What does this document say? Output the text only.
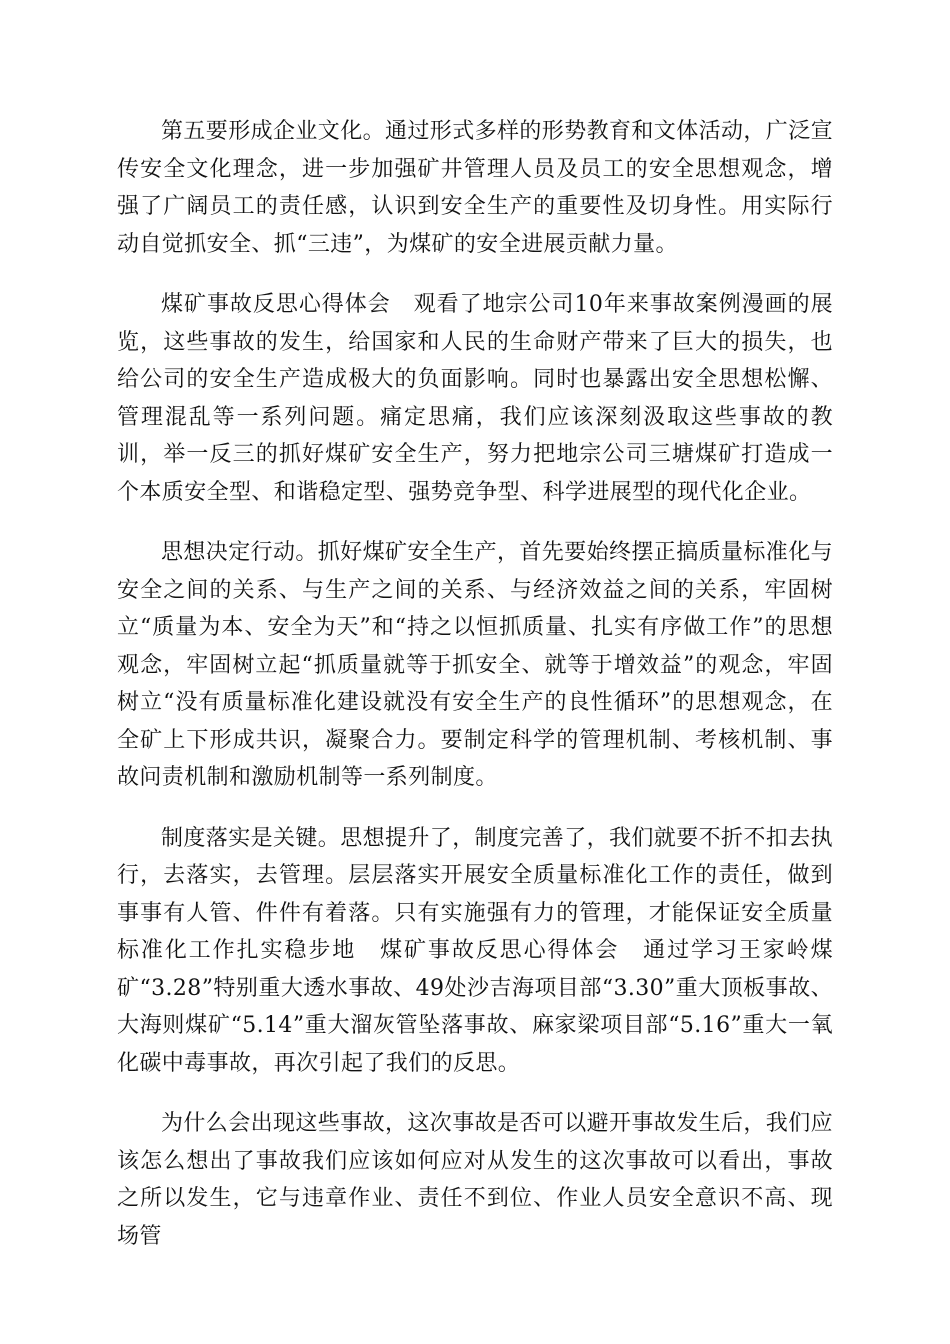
第五要形成企业文化。通过形式多样的形势教育和文体活动，广泛宣传安全文化理念，进一步加强矿井管理人员及员工的安全思想观念，增强了广阔员工的责任感，认识到安全生产的重要性及切身性。用实际行动自觉抓安全、抓“三违”，为煤矿的安全进展贡献力量。

煤矿事故反思心得体会　观看了地宗公司10年来事故案例漫画的展览，这些事故的发生，给国家和人民的生命财产带来了巨大的损失，也给公司的安全生产造成极大的负面影响。同时也暴露出安全思想松懈、管理混乱等一系列问题。痛定思痛，我们应该深刻汲取这些事故的教训，举一反三的抓好煤矿安全生产，努力把地宗公司三塘煤矿打造成一个本质安全型、和谐稳定型、强势竞争型、科学进展型的现代化企业。

思想决定行动。抓好煤矿安全生产，首先要始终摆正搞质量标准化与安全之间的关系、与生产之间的关系、与经济效益之间的关系，牢固树立“质量为本、安全为天”和“持之以恒抓质量、扎实有序做工作”的思想观念，牢固树立起“抓质量就等于抓安全、就等于增效益”的观念，牢固树立“没有质量标准化建设就没有安全生产的良性循环”的思想观念，在全矿上下形成共识，凝聚合力。要制定科学的管理机制、考核机制、事故问责机制和激励机制等一系列制度。

制度落实是关键。思想提升了，制度完善了，我们就要不折不扣去执行，去落实，去管理。层层落实开展安全质量标准化工作的责任，做到事事有人管、件件有着落。只有实施强有力的管理，才能保证安全质量标准化工作扎实稳步地　煤矿事故反思心得体会　通过学习王家岭煤矿“3.28”特别重大透水事故、49处沙吉海项目部“3.30”重大顶板事故、大海则煤矿“5.14”重大溜灰管坠落事故、麻家梁项目部“5.16”重大一氧化碳中毒事故，再次引起了我们的反思。

为什么会出现这些事故，这次事故是否可以避开事故发生后，我们应该怎么想出了事故我们应该如何应对从发生的这次事故可以看出，事故之所以发生，它与违章作业、责任不到位、作业人员安全意识不高、现场管
